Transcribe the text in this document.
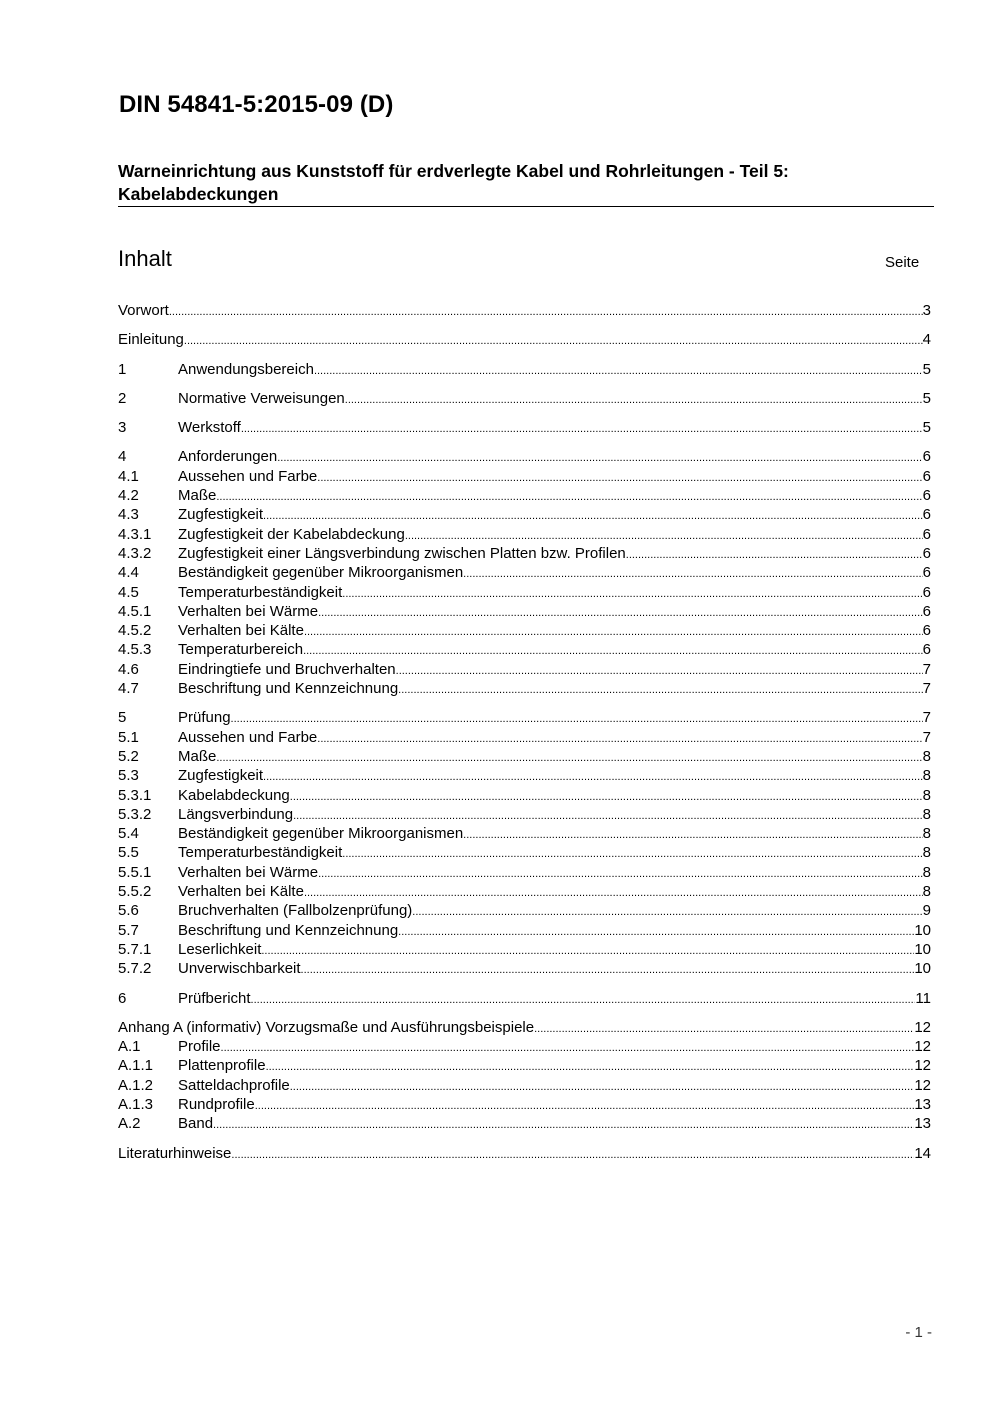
DIN 54841-5:2015-09 (D)
Warneinrichtung aus Kunststoff für erdverlegte Kabel und Rohrleitungen - Teil 5: Kabelabdeckungen
Inhalt	Seite
Vorwort .....	3
Einleitung .....	4
1	Anwendungsbereich .....	5
2	Normative Verweisungen .....	5
3	Werkstoff .....	5
4	Anforderungen .....	6
4.1	Aussehen und Farbe .....	6
4.2	Maße .....	6
4.3	Zugfestigkeit .....	6
4.3.1	Zugfestigkeit der Kabelabdeckung .....	6
4.3.2	Zugfestigkeit einer Längsverbindung zwischen Platten bzw. Profilen .....	6
4.4	Beständigkeit gegenüber Mikroorganismen .....	6
4.5	Temperaturbeständigkeit .....	6
4.5.1	Verhalten bei Wärme .....	6
4.5.2	Verhalten bei Kälte .....	6
4.5.3	Temperaturbereich .....	6
4.6	Eindringtiefe und Bruchverhalten .....	7
4.7	Beschriftung und Kennzeichnung .....	7
5	Prüfung .....	7
5.1	Aussehen und Farbe .....	7
5.2	Maße .....	8
5.3	Zugfestigkeit .....	8
5.3.1	Kabelabdeckung .....	8
5.3.2	Längsverbindung .....	8
5.4	Beständigkeit gegenüber Mikroorganismen .....	8
5.5	Temperaturbeständigkeit .....	8
5.5.1	Verhalten bei Wärme .....	8
5.5.2	Verhalten bei Kälte .....	8
5.6	Bruchverhalten (Fallbolzenprüfung) .....	9
5.7	Beschriftung und Kennzeichnung .....	10
5.7.1	Leserlichkeit .....	10
5.7.2	Unverwischbarkeit .....	10
6	Prüfbericht .....	11
Anhang A (informativ) Vorzugsmaße und Ausführungsbeispiele .....	12
A.1	Profile .....	12
A.1.1	Plattenprofile .....	12
A.1.2	Satteldachprofile .....	12
A.1.3	Rundprofile .....	13
A.2	Band .....	13
Literaturhinweise .....	14
- 1 -
